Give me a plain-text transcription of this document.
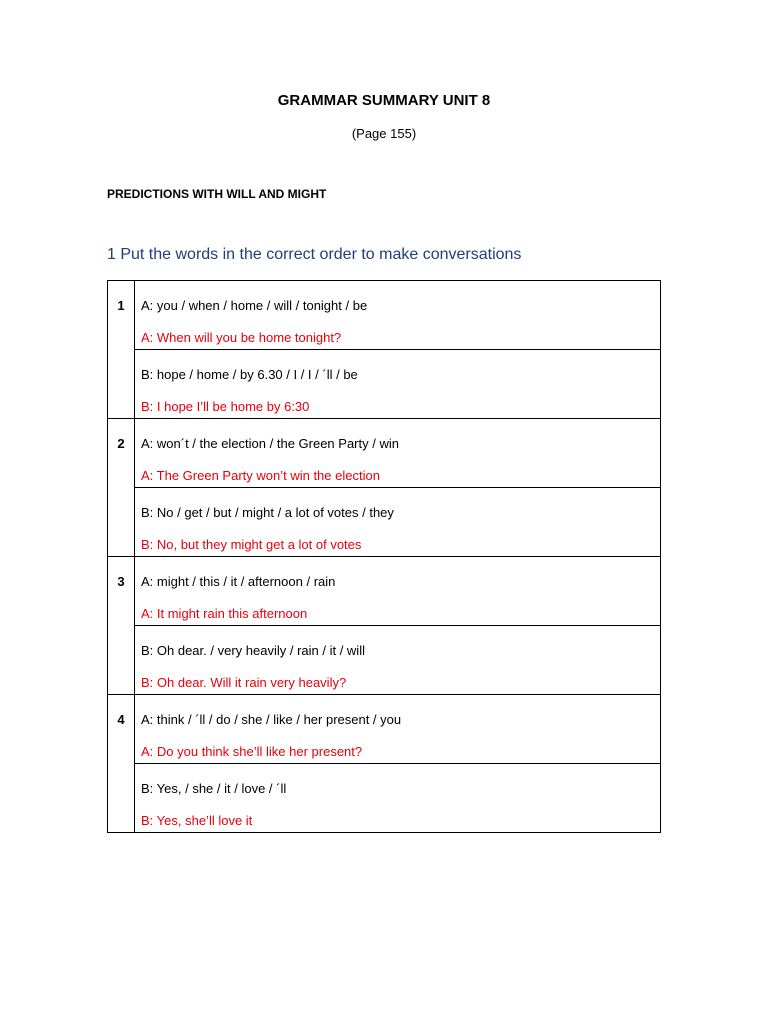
GRAMMAR SUMMARY UNIT 8
(Page 155)
PREDICTIONS WITH WILL AND MIGHT
1 Put the words in the correct order to make conversations
1	A: you / when / home / will / tonight / be
A: When will you be home tonight?

	B: hope / home / by 6.30 / I / I / ´ll / be
B: I hope I’ll be home by 6:30

2	A: won´t / the election / the Green Party / win
A: The Green Party won’t win the election

	B: No / get / but / might / a lot of votes / they
B: No, but they might get a lot of votes

3	A: might / this / it / afternoon / rain
A: It might rain this afternoon

	B: Oh dear. / very heavily / rain / it / will
B: Oh dear. Will it rain very heavily?

4	A: think / ´ll / do / she / like / her present / you
A: Do you think she’ll like her present?

	B: Yes, / she / it / love / ´ll
B: Yes, she’ll love it
